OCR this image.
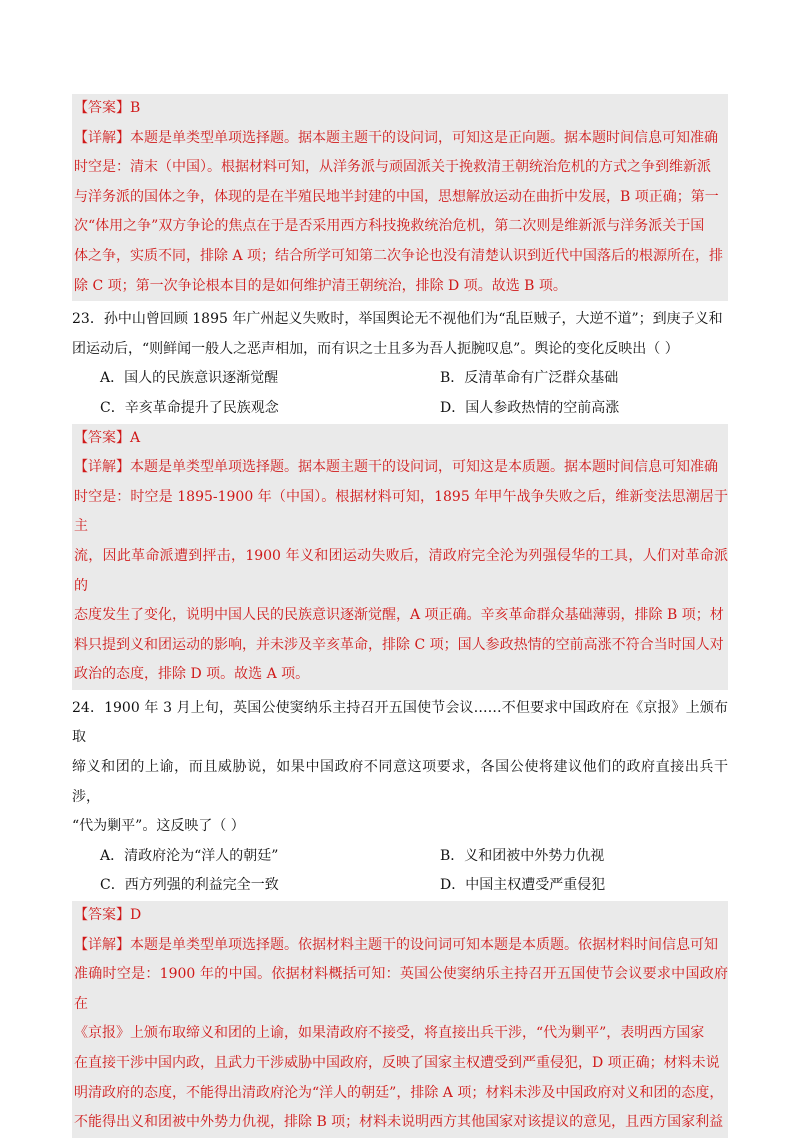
【答案】B

【详解】本题是单类型单项选择题。据本题主题干的设问词，可知这是正向题。据本题时间信息可知准确

时空是：清末（中国）。根据材料可知，从洋务派与顽固派关于挽救清王朝统治危机的方式之争到维新派

与洋务派的国体之争，体现的是在半殖民地半封建的中国，思想解放运动在曲折中发展，B 项正确；第一

次“体用之争”双方争论的焦点在于是否采用西方科技挽救统治危机，第二次则是维新派与洋务派关于国

体之争，实质不同，排除 A 项；结合所学可知第二次争论也没有清楚认识到近代中国落后的根源所在，排

除 C 项；第一次争论根本目的是如何维护清王朝统治，排除 D 项。故选 B 项。

23．孙中山曾回顾 1895 年广州起义失败时，举国舆论无不视他们为“乱臣贼子，大逆不道”；到庚子义和

团运动后，“则鲜闻一般人之恶声相加，而有识之士且多为吾人扼腕叹息”。舆论的变化反映出（ ）

A．国人的民族意识逐渐觉醒	B．反清革命有广泛群众基础
C．辛亥革命提升了民族观念	D．国人参政热情的空前高涨

【答案】A

【详解】本题是单类型单项选择题。据本题主题干的设问词，可知这是本质题。据本题时间信息可知准确

时空是：时空是 1895-1900 年（中国）。根据材料可知，1895 年甲午战争失败之后，维新变法思潮居于主

流，因此革命派遭到抨击，1900 年义和团运动失败后，清政府完全沦为列强侵华的工具，人们对革命派的

态度发生了变化，说明中国人民的民族意识逐渐觉醒，A 项正确。辛亥革命群众基础薄弱，排除 B 项；材

料只提到义和团运动的影响，并未涉及辛亥革命，排除 C 项；国人参政热情的空前高涨不符合当时国人对

政治的态度，排除 D 项。故选 A 项。

24．1900 年 3 月上旬，英国公使窦纳乐主持召开五国使节会议……不但要求中国政府在《京报》上颁布取

缔义和团的上谕，而且威胁说，如果中国政府不同意这项要求，各国公使将建议他们的政府直接出兵干涉，

“代为剿平”。这反映了（ ）

A．清政府沦为“洋人的朝廷”	B．义和团被中外势力仇视
C．西方列强的利益完全一致	D．中国主权遭受严重侵犯

【答案】D

【详解】本题是单类型单项选择题。依据材料主题干的设问词可知本题是本质题。依据材料时间信息可知

准确时空是：1900 年的中国。依据材料概括可知：英国公使窦纳乐主持召开五国使节会议要求中国政府在

《京报》上颁布取缔义和团的上谕，如果清政府不接受，将直接出兵干涉，“代为剿平”，表明西方国家

在直接干涉中国内政，且武力干涉威胁中国政府，反映了国家主权遭受到严重侵犯，D 项正确；材料未说

明清政府的态度，不能得出清政府沦为“洋人的朝廷”，排除 A 项；材料未涉及中国政府对义和团的态度，

不能得出义和团被中外势力仇视，排除 B 项；材料未说明西方其他国家对该提议的意见，且西方国家利益
